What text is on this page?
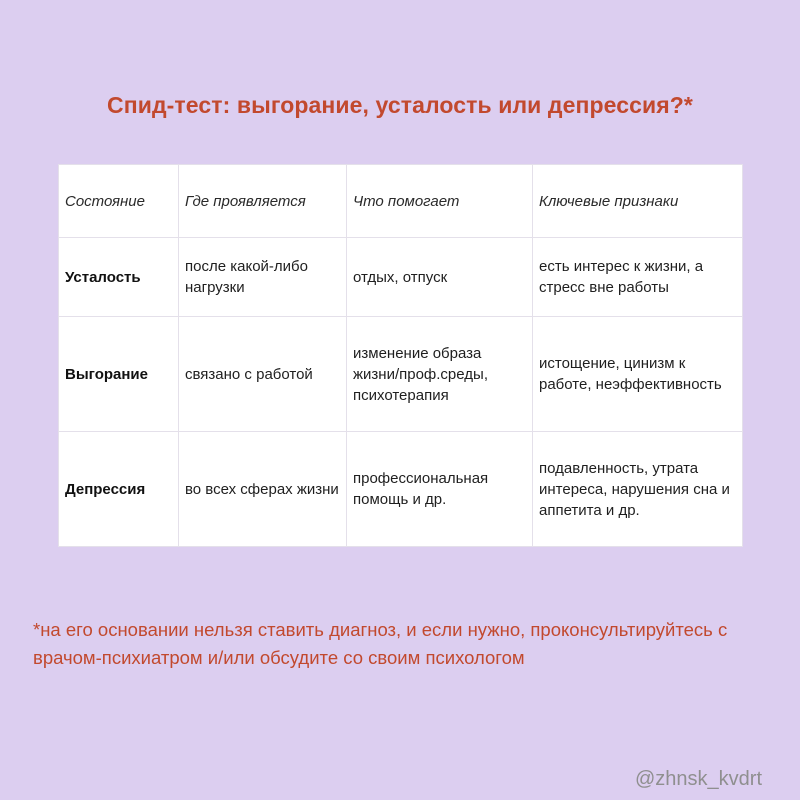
Спид-тест: выгорание, усталость или депрессия?*
Состояние	Где проявляется	Что помогает	Ключевые признаки
Усталость	после какой-либо нагрузки	отдых, отпуск	есть интерес к жизни, а стресс вне работы
Выгорание	связано с работой	изменение образа жизни/проф.среды, психотерапия	истощение, цинизм к работе, неэффективность
Депрессия	во всех сферах жизни	профессиональная помощь и др.	подавленность, утрата интереса, нарушения сна и аппетита и др.
*на его основании нельзя ставить диагноз, и если нужно, проконсультируйтесь с врачом-психиатром и/или обсудите со своим психологом
@zhnsk_kvdrt
